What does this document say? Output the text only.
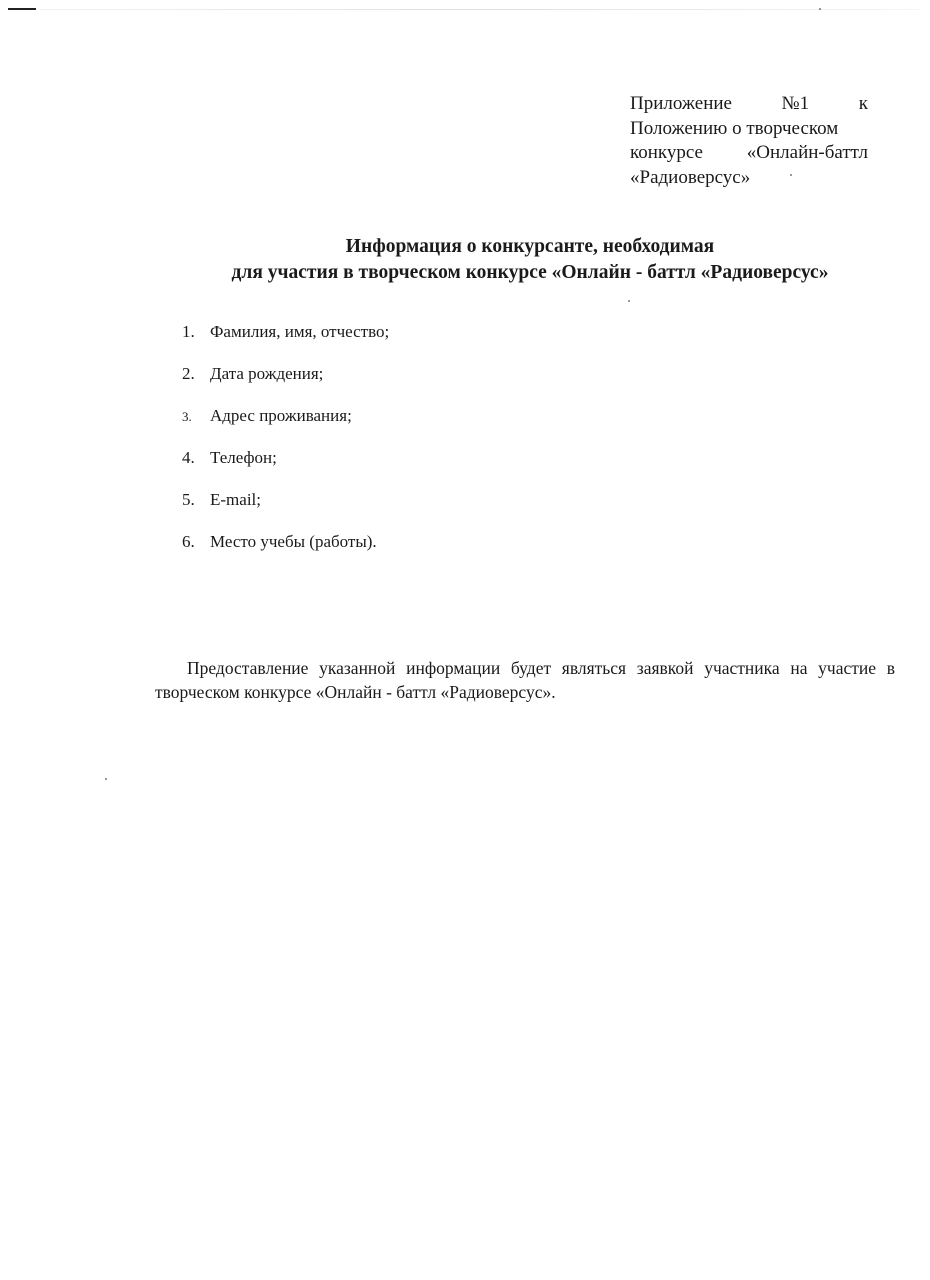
Приложение	№1	к
Положению о творческом
конкурсе «Онлайн-баттл
«Радиоверсус»
Информация о конкурсанте, необходимая
для участия в творческом конкурсе «Онлайн - баттл «Радиоверсус»
1. Фамилия, имя, отчество;
2. Дата рождения;
3.	Адрес проживания;
4. Телефон;
5. E-mail;
6. Место учебы (работы).

Предоставление указанной информации будет являться заявкой участника на участие в творческом конкурсе «Онлайн - баттл «Радиоверсус».
